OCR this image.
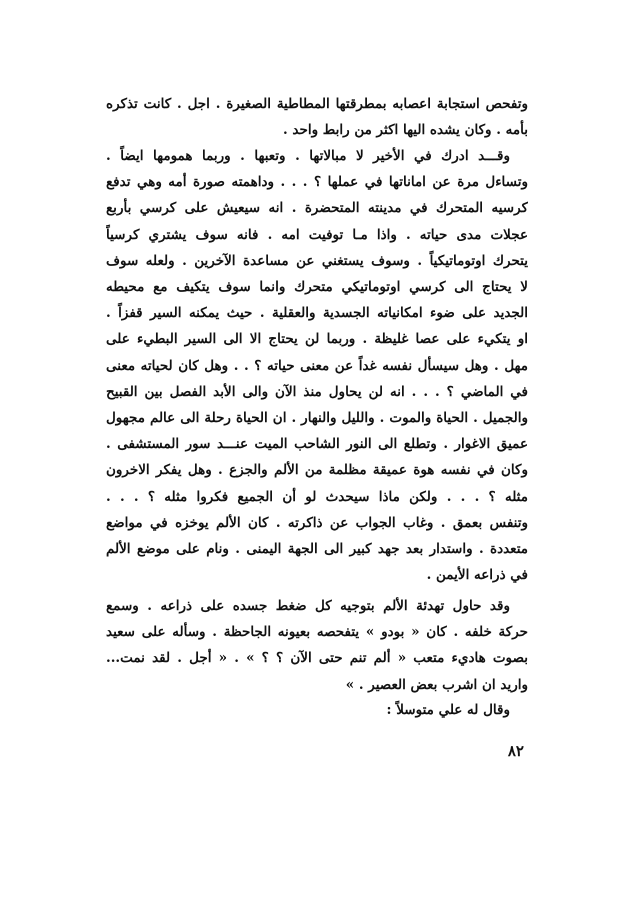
وتفحص استجابة اعصابه بمطرقتها المطاطية الصغيرة . اجل . كانت تذكره
بأمه . وكان يشده اليها اكثر من رابط واحد .
وقـــد ادرك في الأخير لا مبالاتها . وتعبها . وربما همومها ايضاً .
وتساءل مرة عن اماناتها في عملها ؟ . . . وداهمته صورة أمه وهي تدفع
كرسيه المتحرك في مدينته المتحضرة . انه سيعيش على كرسي بأربع
عجلات مدى حياته . واذا مـا توفيت امه . فانه سوف يشتري كرسياً
يتحرك اوتوماتيكياً . وسوف يستغني عن مساعدة الآخرين . ولعله سوف
لا يحتاج الى كرسي اوتوماتيكي متحرك وانما سوف يتكيف مع محيطه
الجديد على ضوء امكانياته الجسدية والعقلية . حيث يمكنه السير قفزاً .
او يتكيء على عصا غليظة . وربما لن يحتاج الا الى السير البطيء على
مهل . وهل سيسأل نفسه غداً عن معنى حياته ؟ . . وهل كان لحياته معنى
في الماضي ؟ . . . انه لن يحاول منذ الآن والى الأبد الفصل بين القبيح
والجميل . الحياة والموت . والليل والنهار . ان الحياة رحلة الى عالم مجهول
عميق الاغوار . وتطلع الى النور الشاحب الميت عنـــد سور المستشفى .
وكان في نفسه هوة عميقة مظلمة من الألم والجزع . وهل يفكر الاخرون
مثله ؟ . . . ولكن ماذا سيحدث لو أن الجميع فكروا مثله ؟ . . .
وتنفس بعمق . وغاب الجواب عن ذاكرته . كان الألم يوخزه في مواضع
متعددة . واستدار بعد جهد كبير الى الجهة اليمنى . ونام على موضع الألم
في ذراعه الأيمن .
وقد حاول تهدئة الألم بتوجيه كل ضغط جسده على ذراعه . وسمع
حركة خلفه . كان « بودو » يتفحصه بعيونه الجاحظة . وسأله على سعيد
بصوت هاديء متعب « ألم تنم حتى الآن ؟ ؟ » . « أجل . لقد نمت...
واريد ان اشرب بعض العصير . »
وقال له علي متوسلاً :
٨٢
